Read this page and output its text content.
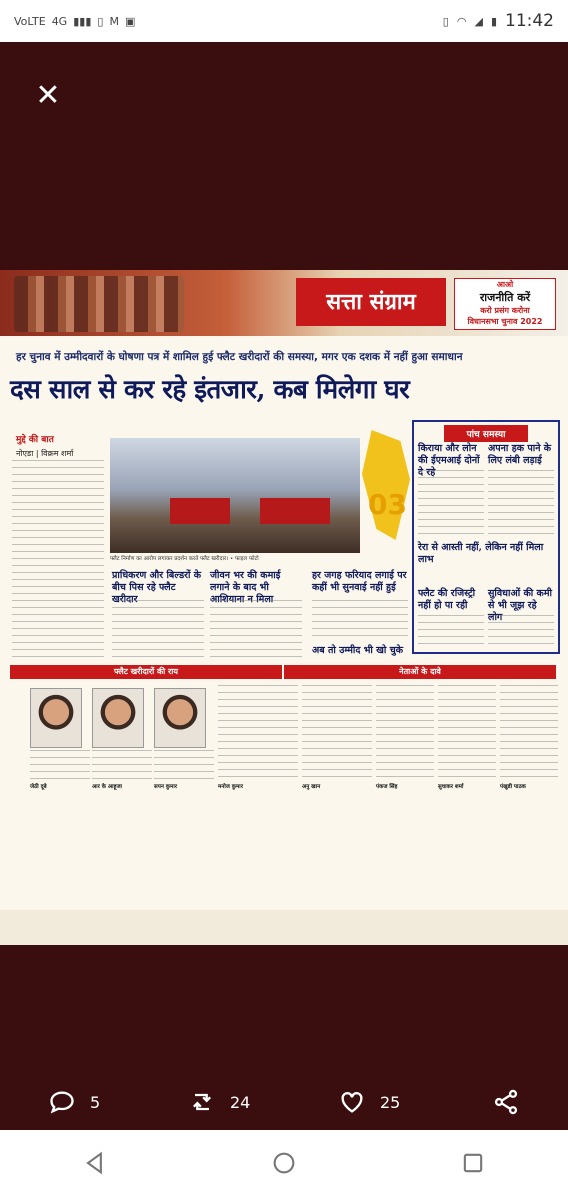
VoLTE 4G ▮▮▮ ▯ M ▣	▯ ◠ ◢ ▮ 11:42
✕
सत्ता संग्राम
आओ
राजनीति करें
करो प्रसंग करोना
विधानसभा चुनाव 2022
हर चुनाव में उम्मीदवारों के घोषणा पत्र में शामिल हुई फ्लैट खरीदारों की समस्या, मगर एक दशक में नहीं हुआ समाधान
दस साल से कर रहे इंतजार, कब मिलेगा घर
मुद्दे की बात
नोएडा | विक्रम शर्मा
फ्लैट निर्माण का आरोप लगाकर प्रदर्शन करते फ्लैट खरीदार। • फाइल फोटो
03
पांच समस्या
किराया और लोन की ईएमआई दोनों दे रहे
अपना हक पाने के लिए लंबी लड़ाई
रेरा से आस्ती नहीं, लेकिन नहीं मिला लाभ
फ्लैट की रजिस्ट्री नहीं हो पा रही
सुविधाओं की कमी से भी जूझ रहे लोग
प्राधिकरण और बिल्डरों के बीच पिस रहे फ्लैट खरीदार
जीवन भर की कमाई लगाने के बाद भी आशियाना न मिला
हर जगह फरियाद लगाई पर कहीं भी सुनवाई नहीं हुई
अब तो उम्मीद भी खो चुके
फ्लैट खरीदारों की राय	नेताओं के दावे
जेठी दूबे	आर के आहूजा	सपन कुमार	मनोज कुमार	अनु खान	पंकज सिंह	सुधाकर शर्मा	पंखुडी पाठक
5	24	25
